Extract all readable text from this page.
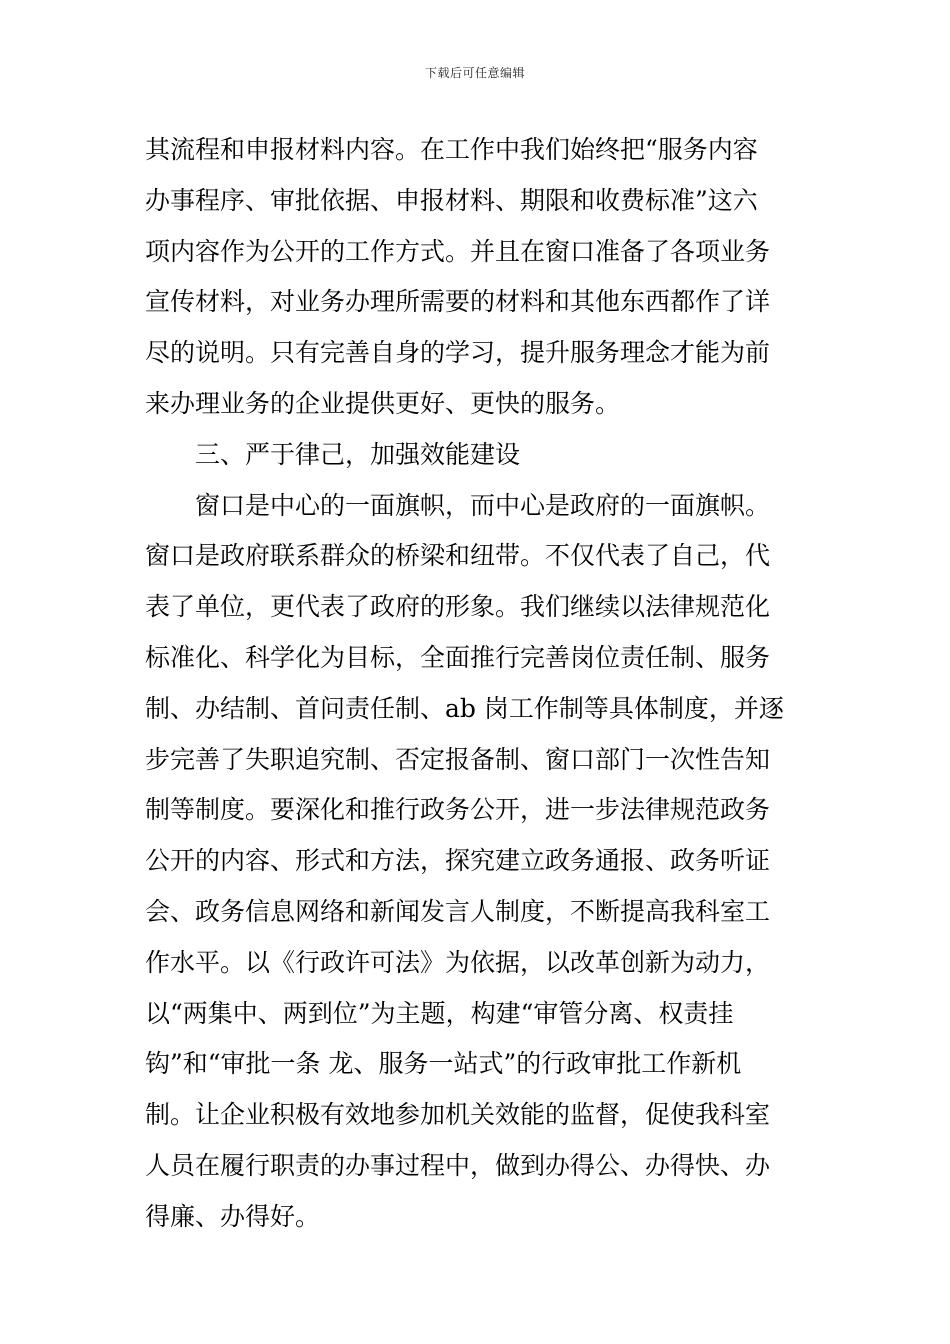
下载后可任意编辑
其流程和申报材料内容。在工作中我们始终把“服务内容
办事程序、审批依据、申报材料、期限和收费标准”这六
项内容作为公开的工作方式。并且在窗口准备了各项业务
宣传材料，对业务办理所需要的材料和其他东西都作了详
尽的说明。只有完善自身的学习，提升服务理念才能为前
来办理业务的企业提供更好、更快的服务。
三、严于律己，加强效能建设
窗口是中心的一面旗帜，而中心是政府的一面旗帜。
窗口是政府联系群众的桥梁和纽带。不仅代表了自己，代
表了单位，更代表了政府的形象。我们继续以法律规范化
标准化、科学化为目标，全面推行完善岗位责任制、服务
制、办结制、首问责任制、ab 岗工作制等具体制度，并逐
步完善了失职追究制、否定报备制、窗口部门一次性告知
制等制度。要深化和推行政务公开，进一步法律规范政务
公开的内容、形式和方法，探究建立政务通报、政务听证
会、政务信息网络和新闻发言人制度，不断提高我科室工
作水平。以《行政许可法》为依据，以改革创新为动力，
以“两集中、两到位”为主题，构建“审管分离、权责挂
钩”和“审批一条 龙、服务一站式”的行政审批工作新机
制。让企业积极有效地参加机关效能的监督，促使我科室
人员在履行职责的办事过程中，做到办得公、办得快、办
得廉、办得好。
